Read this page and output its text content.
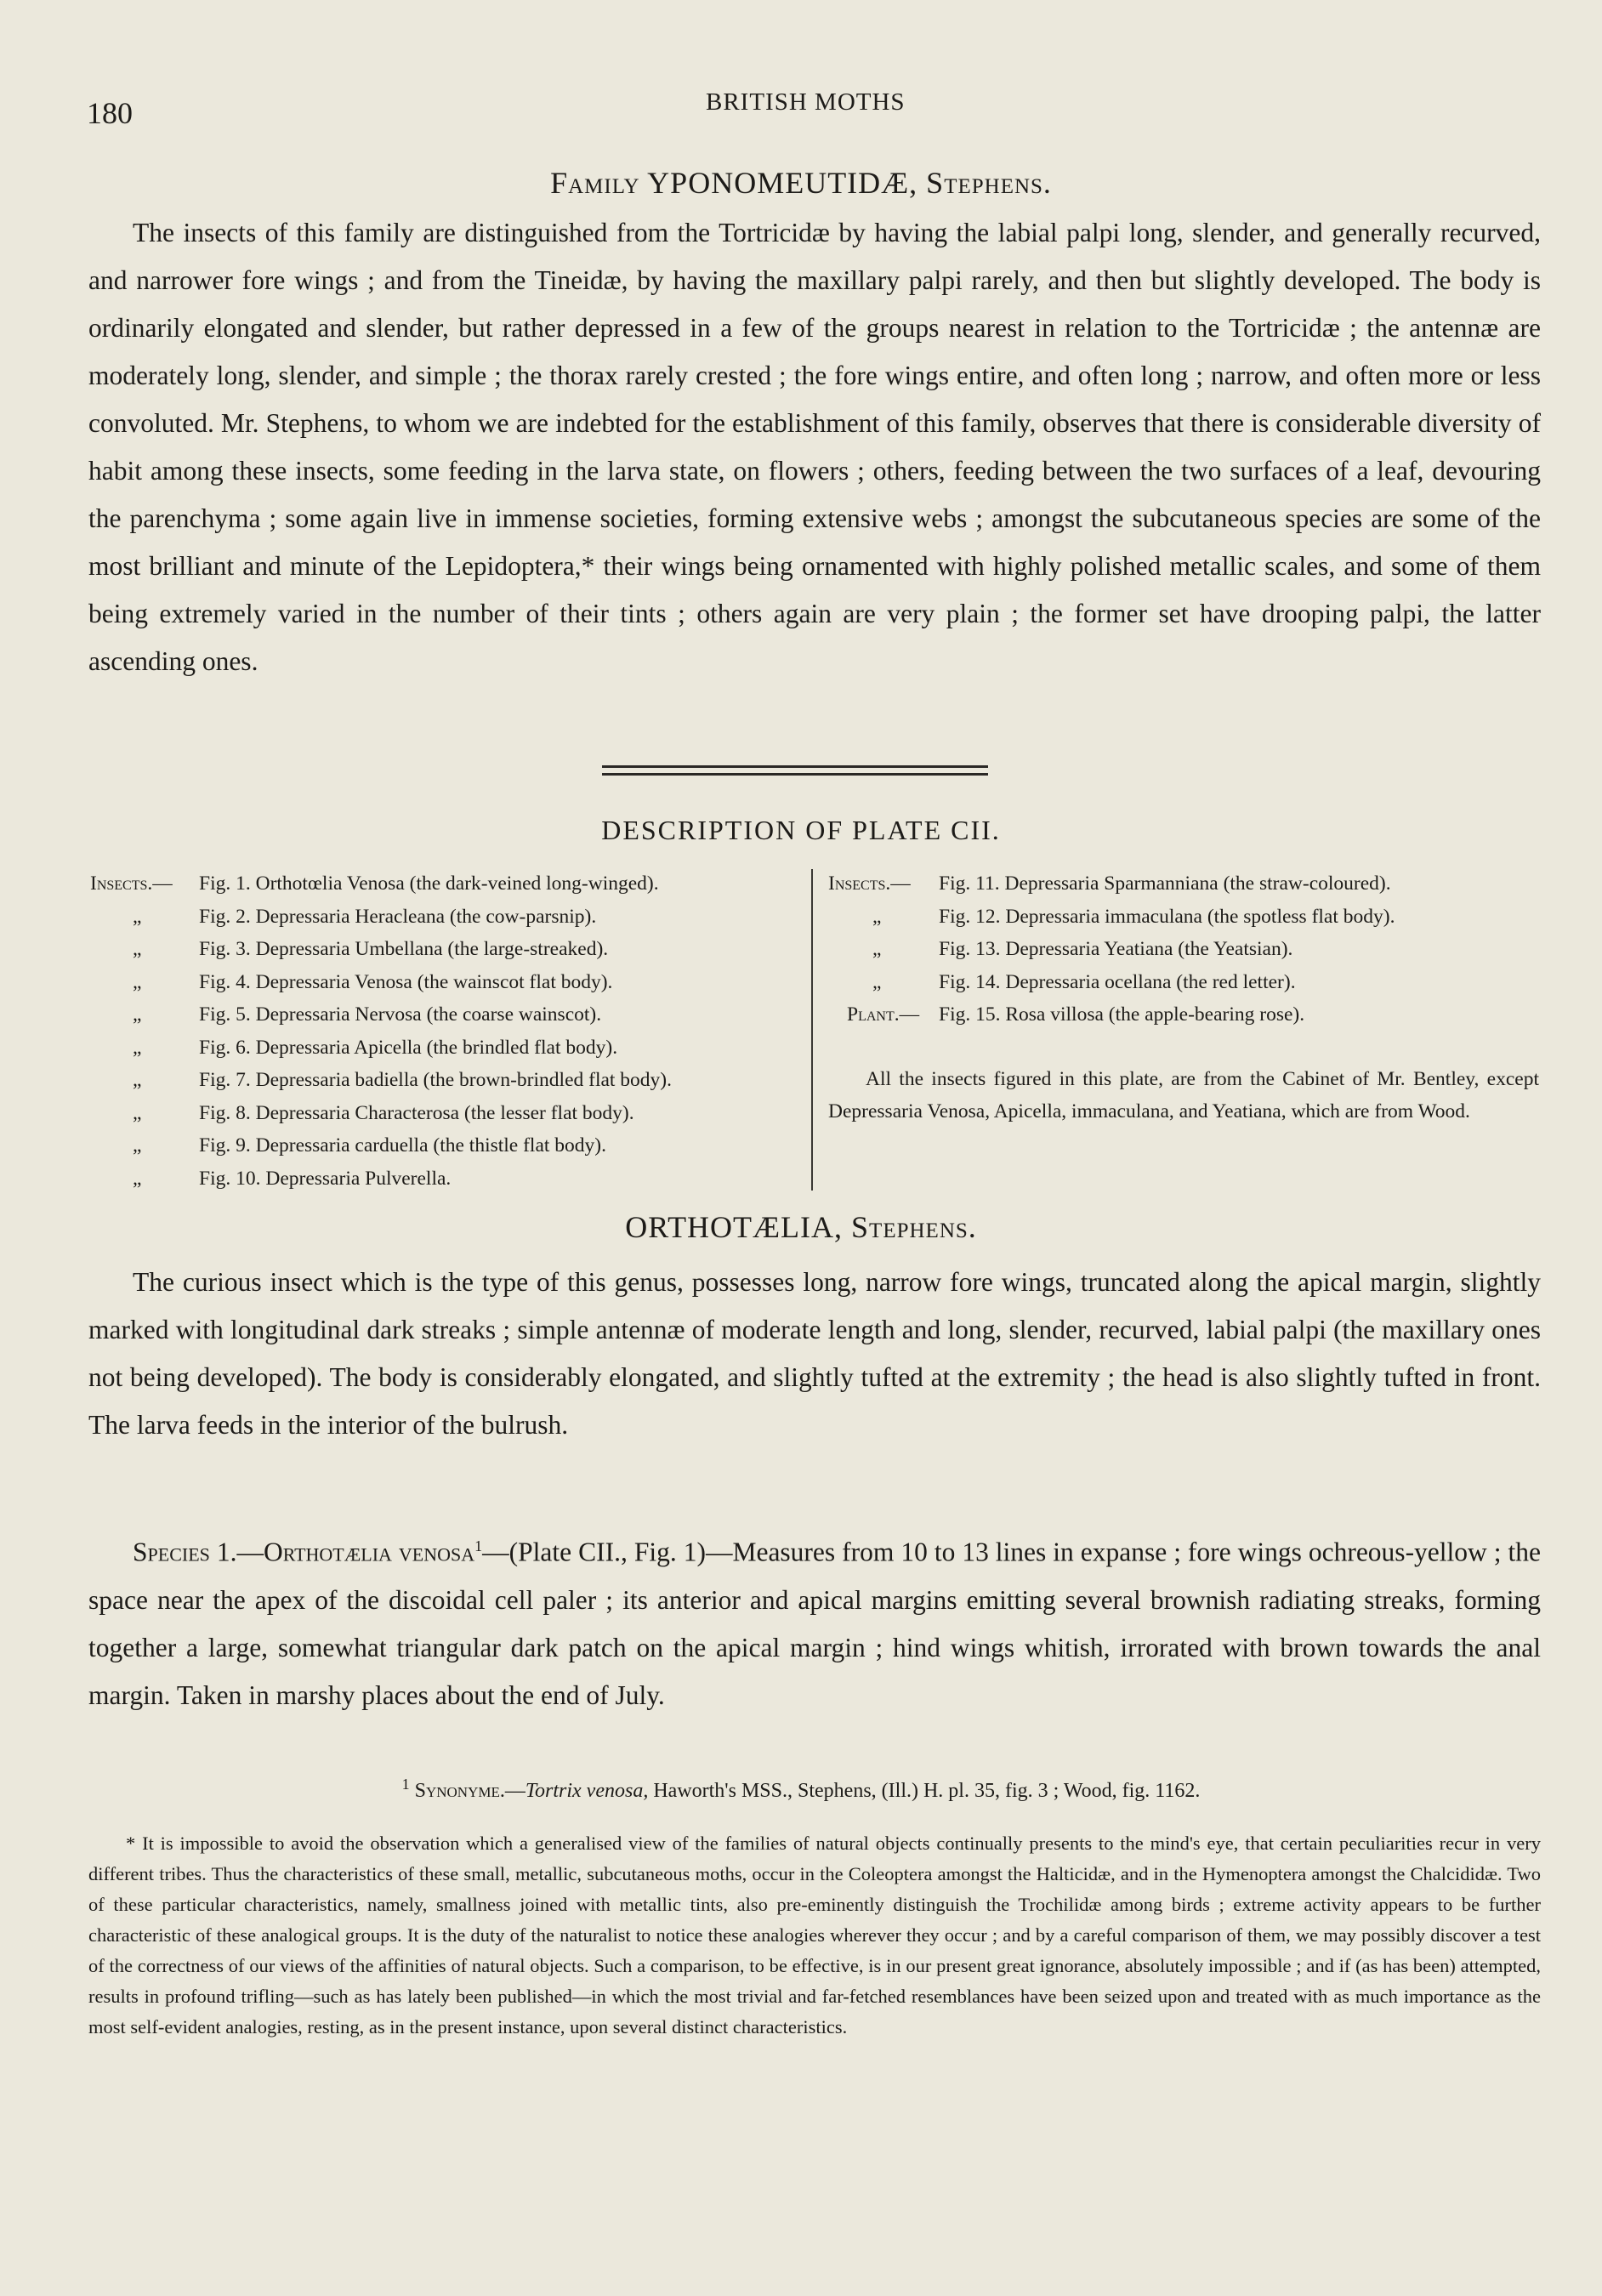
180	BRITISH MOTHS
Family YPONOMEUTIDÆ, Stephens.

The insects of this family are distinguished from the Tortricidæ by having the labial palpi long, slender, and generally recurved, and narrower fore wings ; and from the Tineidæ, by having the maxillary palpi rarely, and then but slightly developed. The body is ordinarily elongated and slender, but rather depressed in a few of the groups nearest in relation to the Tortricidæ ; the antennæ are moderately long, slender, and simple ; the thorax rarely crested ; the fore wings entire, and often long ; narrow, and often more or less convoluted. Mr. Stephens, to whom we are indebted for the establishment of this family, observes that there is considerable diversity of habit among these insects, some feeding in the larva state, on flowers ; others, feeding between the two surfaces of a leaf, devouring the parenchyma ; some again live in immense societies, forming extensive webs ; amongst the subcutaneous species are some of the most brilliant and minute of the Lepidoptera,* their wings being ornamented with highly polished metallic scales, and some of them being extremely varied in the number of their tints ; others again are very plain ; the former set have drooping palpi, the latter ascending ones.

DESCRIPTION OF PLATE CII.
Insects.— Fig. 1. Orthotœlia Venosa (the dark-veined long-winged).
„	Fig. 2. Depressaria Heracleana (the cow-parsnip).
„	Fig. 3. Depressaria Umbellana (the large-streaked).
„	Fig. 4. Depressaria Venosa (the wainscot flat body).
„	Fig. 5. Depressaria Nervosa (the coarse wainscot).
„	Fig. 6. Depressaria Apicella (the brindled flat body).
„	Fig. 7. Depressaria badiella (the brown-brindled flat body).
„	Fig. 8. Depressaria Characterosa (the lesser flat body).
„	Fig. 9. Depressaria carduella (the thistle flat body).
„	Fig. 10. Depressaria Pulverella.
Insects.— Fig. 11. Depressaria Sparmanniana (the straw-coloured).
„	Fig. 12. Depressaria immaculana (the spotless flat body).
„	Fig. 13. Depressaria Yeatiana (the Yeatsian).
„	Fig. 14. Depressaria ocellana (the red letter).
Plant.— Fig. 15. Rosa villosa (the apple-bearing rose).
All the insects figured in this plate, are from the Cabinet of Mr. Bentley, except Depressaria Venosa, Apicella, immaculana, and Yeatiana, which are from Wood.
ORTHOTÆLIA, Stephens.

The curious insect which is the type of this genus, possesses long, narrow fore wings, truncated along the apical margin, slightly marked with longitudinal dark streaks ; simple antennæ of moderate length and long, slender, recurved, labial palpi (the maxillary ones not being developed). The body is considerably elongated, and slightly tufted at the extremity ; the head is also slightly tufted in front. The larva feeds in the interior of the bulrush.

Species 1.—Orthotælia venosa$^1$—(Plate CII., Fig. 1)—Measures from 10 to 13 lines in expanse ; fore wings ochreous-yellow ; the space near the apex of the discoidal cell paler ; its anterior and apical margins emitting several brownish radiating streaks, forming together a large, somewhat triangular dark patch on the apical margin ; hind wings whitish, irrorated with brown towards the anal margin. Taken in marshy places about the end of July.

$^1$ Synonyme.—Tortrix venosa, Haworth's MSS., Stephens, (Ill.) H. pl. 35, fig. 3 ; Wood, fig. 1162.
* It is impossible to avoid the observation which a generalised view of the families of natural objects continually presents to the mind's eye, that certain peculiarities recur in very different tribes. Thus the characteristics of these small, metallic, subcutaneous moths, occur in the Coleoptera amongst the Halticidæ, and in the Hymenoptera amongst the Chalcididæ. Two of these particular characteristics, namely, smallness joined with metallic tints, also pre-eminently distinguish the Trochilidæ among birds ; extreme activity appears to be further characteristic of these analogical groups. It is the duty of the naturalist to notice these analogies wherever they occur ; and by a careful comparison of them, we may possibly discover a test of the correctness of our views of the affinities of natural objects. Such a comparison, to be effective, is in our present great ignorance, absolutely impossible ; and if (as has been) attempted, results in profound trifling—such as has lately been published—in which the most trivial and far-fetched resemblances have been seized upon and treated with as much importance as the most self-evident analogies, resting, as in the present instance, upon several distinct characteristics.
